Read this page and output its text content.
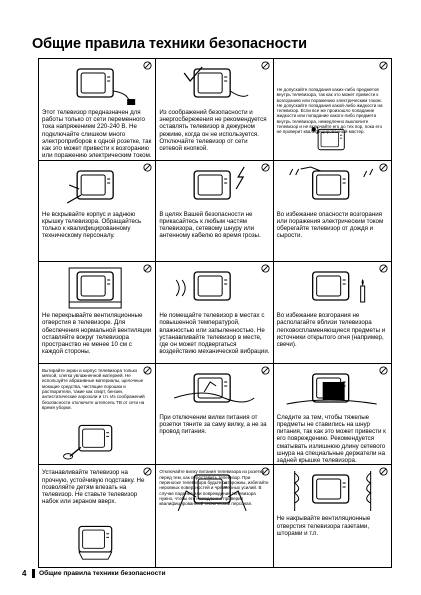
Общие правила техники безопасности
Этот телевизор предназначен для работы только от сети переменного тока напряжением 220-240 В. Не подключайте слишком много электроприборов к одной розетке, так как это может привести к возгоранию или поражению электрическим током.
Из соображений безопасности и энергосбережения не рекомендуется оставлять телевизор в дежурном режиме, когда он не используется. Отключайте телевизор от сети сетевой кнопкой.
Не допускайте попадания каких-либо предметов внутрь телевизора, так как это может привести к возгоранию или поражению электрическим током. Не допускайте попадания какой-либо жидкости на телевизор. Если все же произошло попадание жидкости или попадание какого-либо предмета внутрь телевизора, немедленно выключите телевизор и не включайте его до тех пор, пока его не проверит квалифицированный мастер.
Не вскрывайте корпус и заднюю крышку телевизора. Обращайтесь только к квалифицированному техническому персоналу.
В целях Вашей безопасности не прикасайтесь к любым частям телевизора, сетевому шнуру или антенному кабелю во время грозы.
Во избежание опасности возгорания или поражения электрическим током оберегайте телевизор от дождя и сырости.
Не перекрывайте вентиляционные отверстия в телевизоре. Для обеспечения нормальной вентиляции оставляйте вокруг телевизора пространство не менее 10 см с каждой стороны.
Не помещайте телевизор в местах с повышенной температурой, влажностью или запыленностью. Не устанавливайте телевизор в месте, где он может подвергаться воздействию механической вибрации.
Во избежание возгорания не располагайте вблизи телевизора легковоспламеняющиеся предметы и источники открытого огня (например, свечи).
Вытирайте экран и корпус телевизора только мягкой, слегка увлажненной материей. Не используйте абразивные материалы, щелочные моющие средства, чистящие порошки и растворители, такие как спирт, бензин, антистатические аэрозоли и т.п. Из соображений безопасности отключите штепсель ТВ от сети на время уборки.
При отключении вилки питания от розетки тяните за саму вилку, а не за провод питания.
Следите за тем, чтобы тяжелые предметы не ставились на шнур питания, так как это может привести к его повреждению. Рекомендуется сматывать излишнюю длину сетевого шнура на специальные держатели на задней крышке телевизора.
Устанавливайте телевизор на прочную, устойчивую подставку. Не позволяйте детям влезать на телевизор. Не ставьте телевизор набок или экраном вверх.
Отключайте вилку питания телевизора из розетки перед тем, как переставить телевизор. При переноске телевизора будьте осторожны, избегайте неровных поверхностей и чрезмерных усилий. В случае падения или повреждения телевизора нужно, чтобы его немедленно проверил квалифицированный технический персонал.
Не накрывайте вентиляционные отверстия телевизора газетами, шторами и т.п.
4 Общие правила техники безопасности
